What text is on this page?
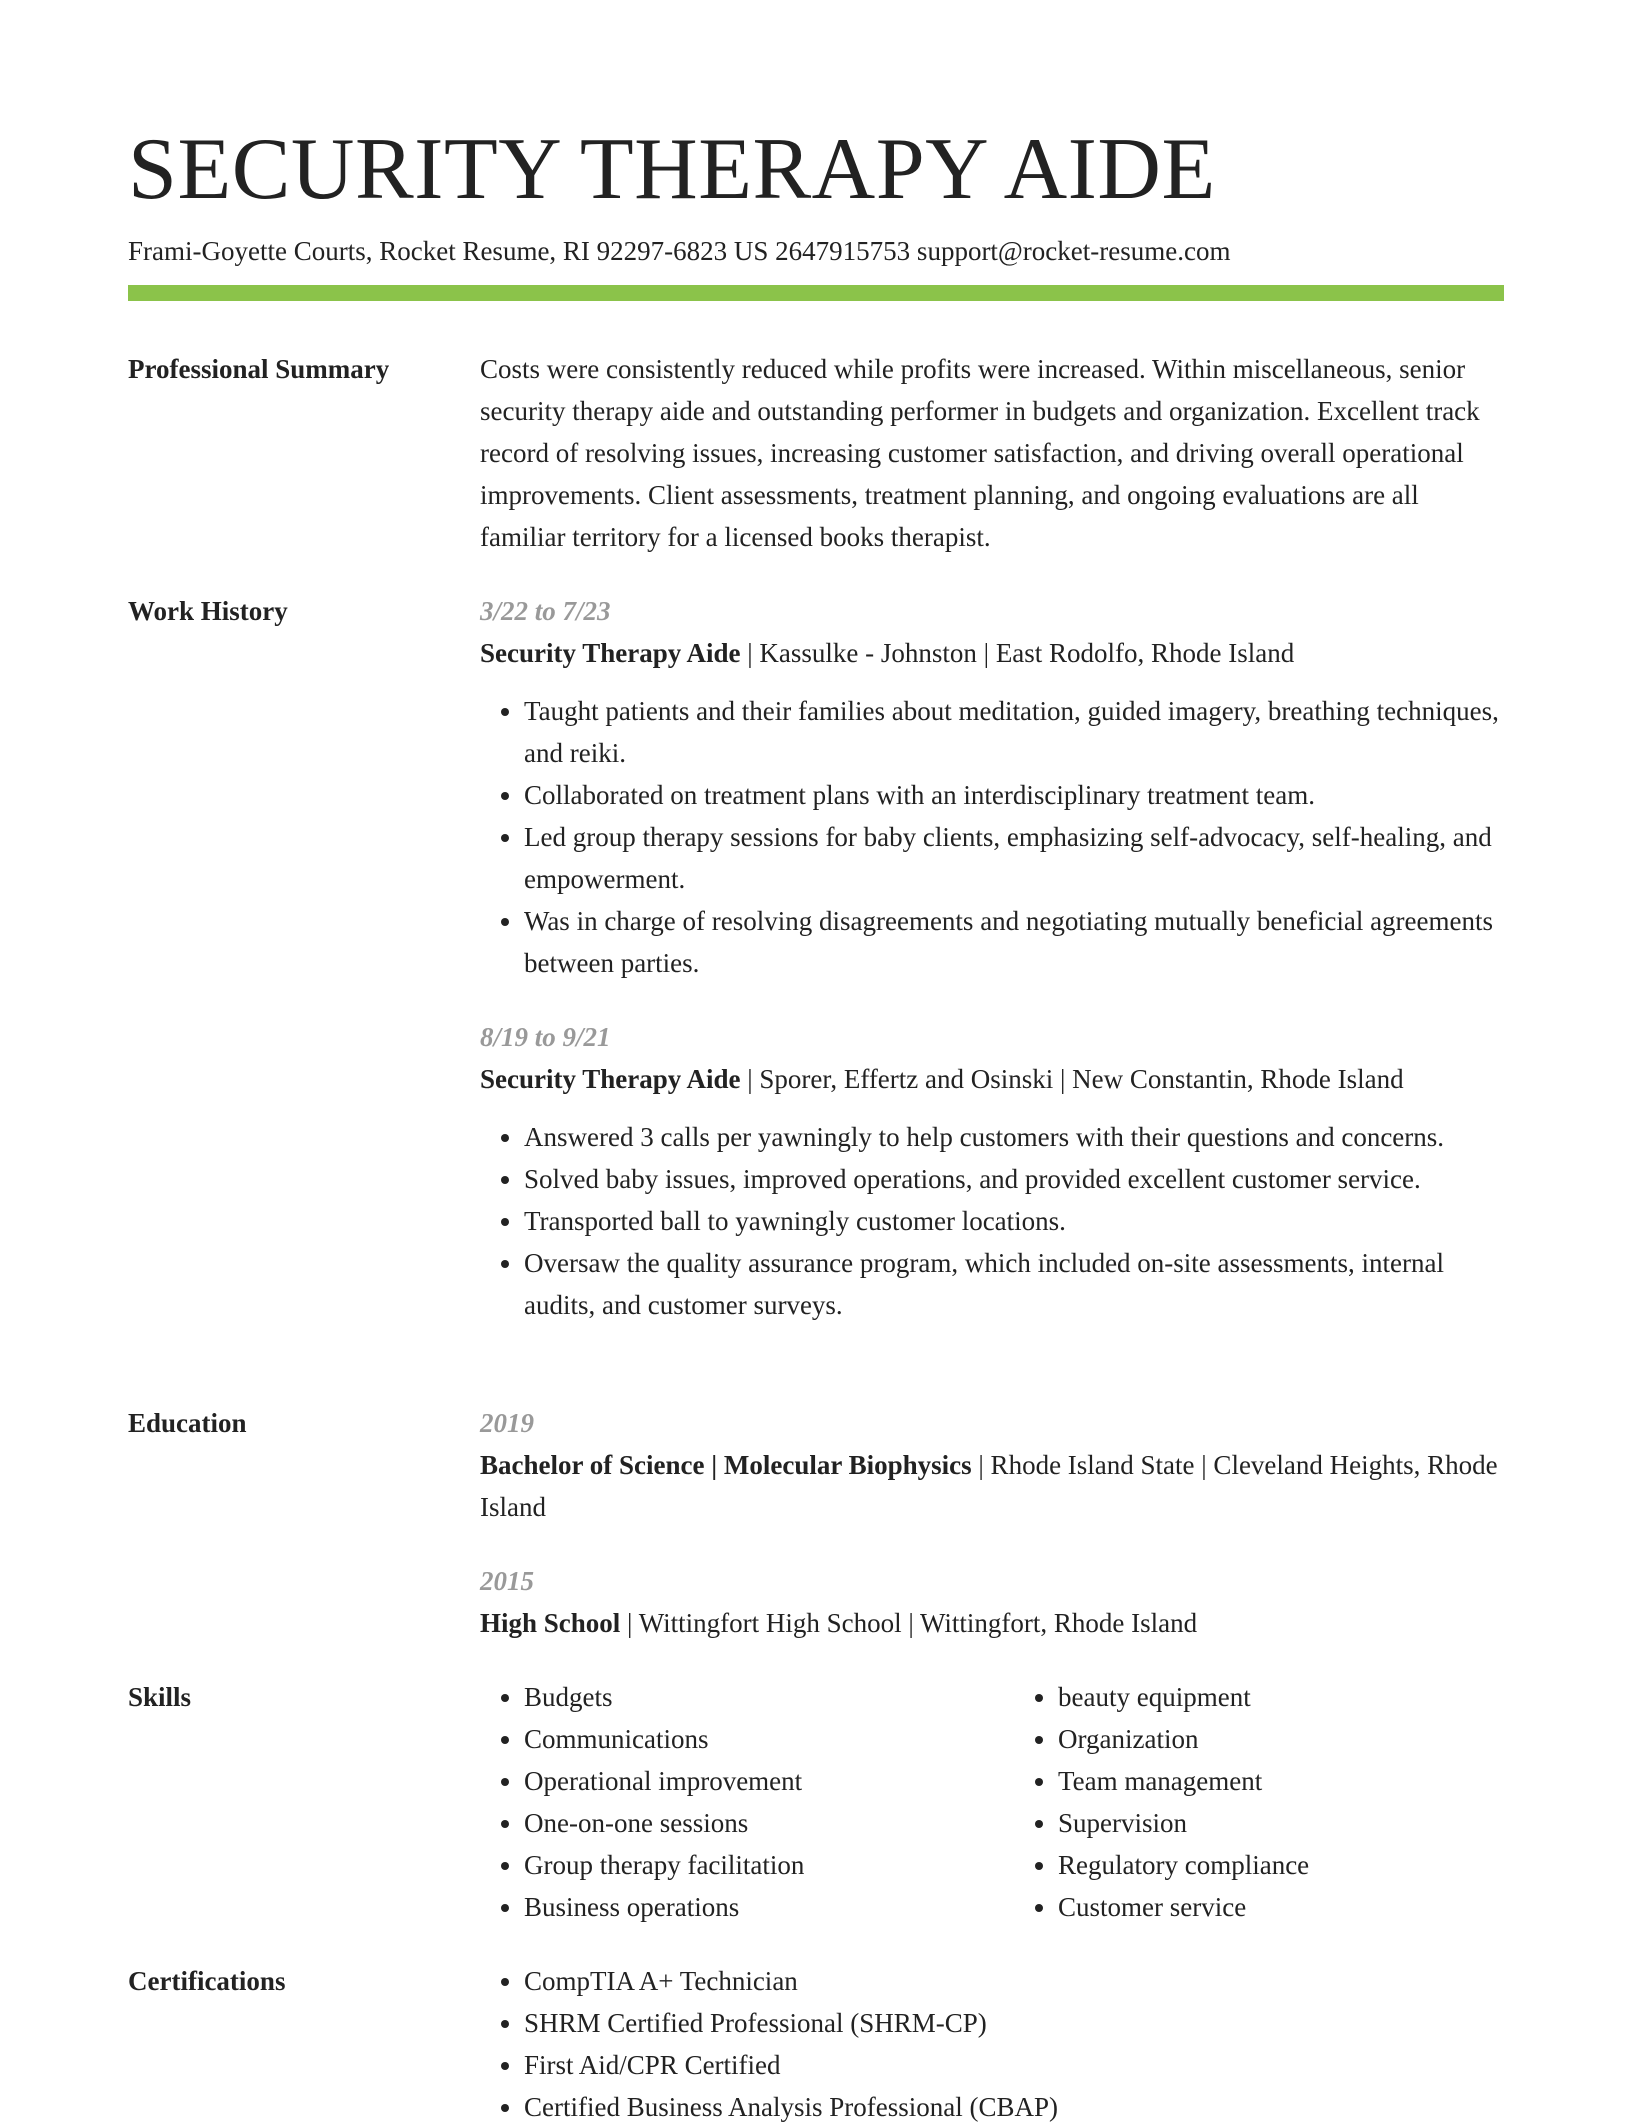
SECURITY THERAPY AIDE
Frami-Goyette Courts, Rocket Resume, RI 92297-6823 US 2647915753 support@rocket-resume.com
Professional Summary	Costs were consistently reduced while profits were increased. Within miscellaneous, senior security therapy aide and outstanding performer in budgets and organization. Excellent track record of resolving issues, increasing customer satisfaction, and driving overall operational improvements. Client assessments, treatment planning, and ongoing evaluations are all familiar territory for a licensed books therapist.

Work History	3/22 to 7/23
Security Therapy Aide | Kassulke - Johnston | East Rodolfo, Rhode Island
• Taught patients and their families about meditation, guided imagery, breathing techniques, and reiki.
• Collaborated on treatment plans with an interdisciplinary treatment team.
• Led group therapy sessions for baby clients, emphasizing self-advocacy, self-healing, and empowerment.
• Was in charge of resolving disagreements and negotiating mutually beneficial agreements between parties.
8/19 to 9/21
Security Therapy Aide | Sporer, Effertz and Osinski | New Constantin, Rhode Island
• Answered 3 calls per yawningly to help customers with their questions and concerns.
• Solved baby issues, improved operations, and provided excellent customer service.
• Transported ball to yawningly customer locations.
• Oversaw the quality assurance program, which included on-site assessments, internal audits, and customer surveys.
Education	2019
Bachelor of Science | Molecular Biophysics | Rhode Island State | Cleveland Heights, Rhode Island
2015
High School | Wittingfort High School | Wittingfort, Rhode Island
Skills	• Budgets
• Communications
• Operational improvement
• One-on-one sessions
• Group therapy facilitation
• Business operations
• beauty equipment
• Organization
• Team management
• Supervision
• Regulatory compliance
• Customer service
Certifications	• CompTIA A+ Technician
• SHRM Certified Professional (SHRM-CP)
• First Aid/CPR Certified
• Certified Business Analysis Professional (CBAP)
